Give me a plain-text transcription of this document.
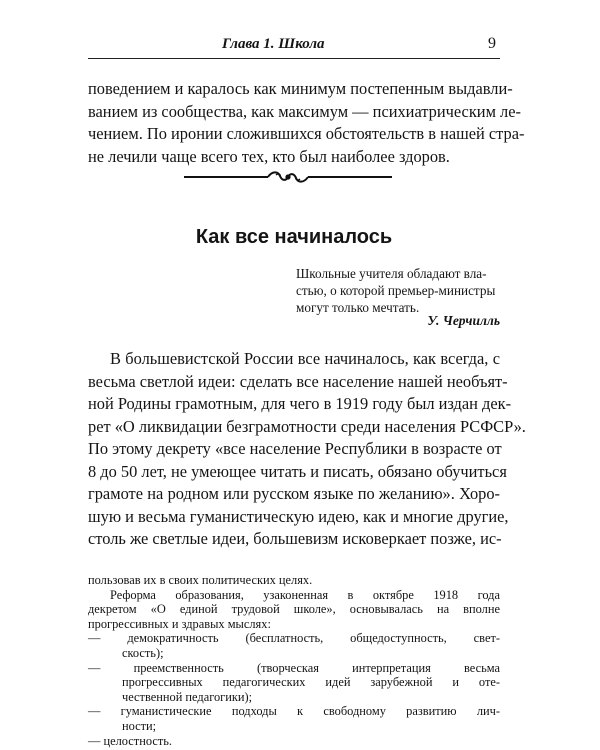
Глава 1. Школа	9
поведением и каралось как минимум постепенным выдавли-
ванием из сообщества, как максимум — психиатрическим ле-
чением. По иронии сложившихся обстоятельств в нашей стра-
не лечили чаще всего тех, кто был наиболее здоров.
Как все начиналось
Школьные учителя обладают вла-
стью, о которой премьер-министры
могут только мечтать.
У. Черчилль
В большевистской России все начиналось, как всегда, с
весьма светлой идеи: сделать все население нашей необъят-
ной Родины грамотным, для чего в 1919 году был издан дек-
рет «О ликвидации безграмотности среди населения РСФСР».
По этому декрету «все население Республики в возрасте от
8 до 50 лет, не умеющее читать и писать, обязано обучиться
грамоте на родном или русском языке по желанию». Хоро-
шую и весьма гуманистическую идею, как и многие другие,
столь же светлые идеи, большевизм исковеркает позже, ис-
пользовав их в своих политических целях.
Реформа образования, узаконенная в октябре 1918 года
декретом «О единой трудовой школе», основывалась на вполне
прогрессивных и здравых мыслях:
— демократичность (бесплатность, общедоступность, свет-
скость);
— преемственность (творческая интерпретация весьма
прогрессивных педагогических идей зарубежной и оте-
чественной педагогики);
— гуманистические подходы к свободному развитию лич-
ности;
— целостность.
